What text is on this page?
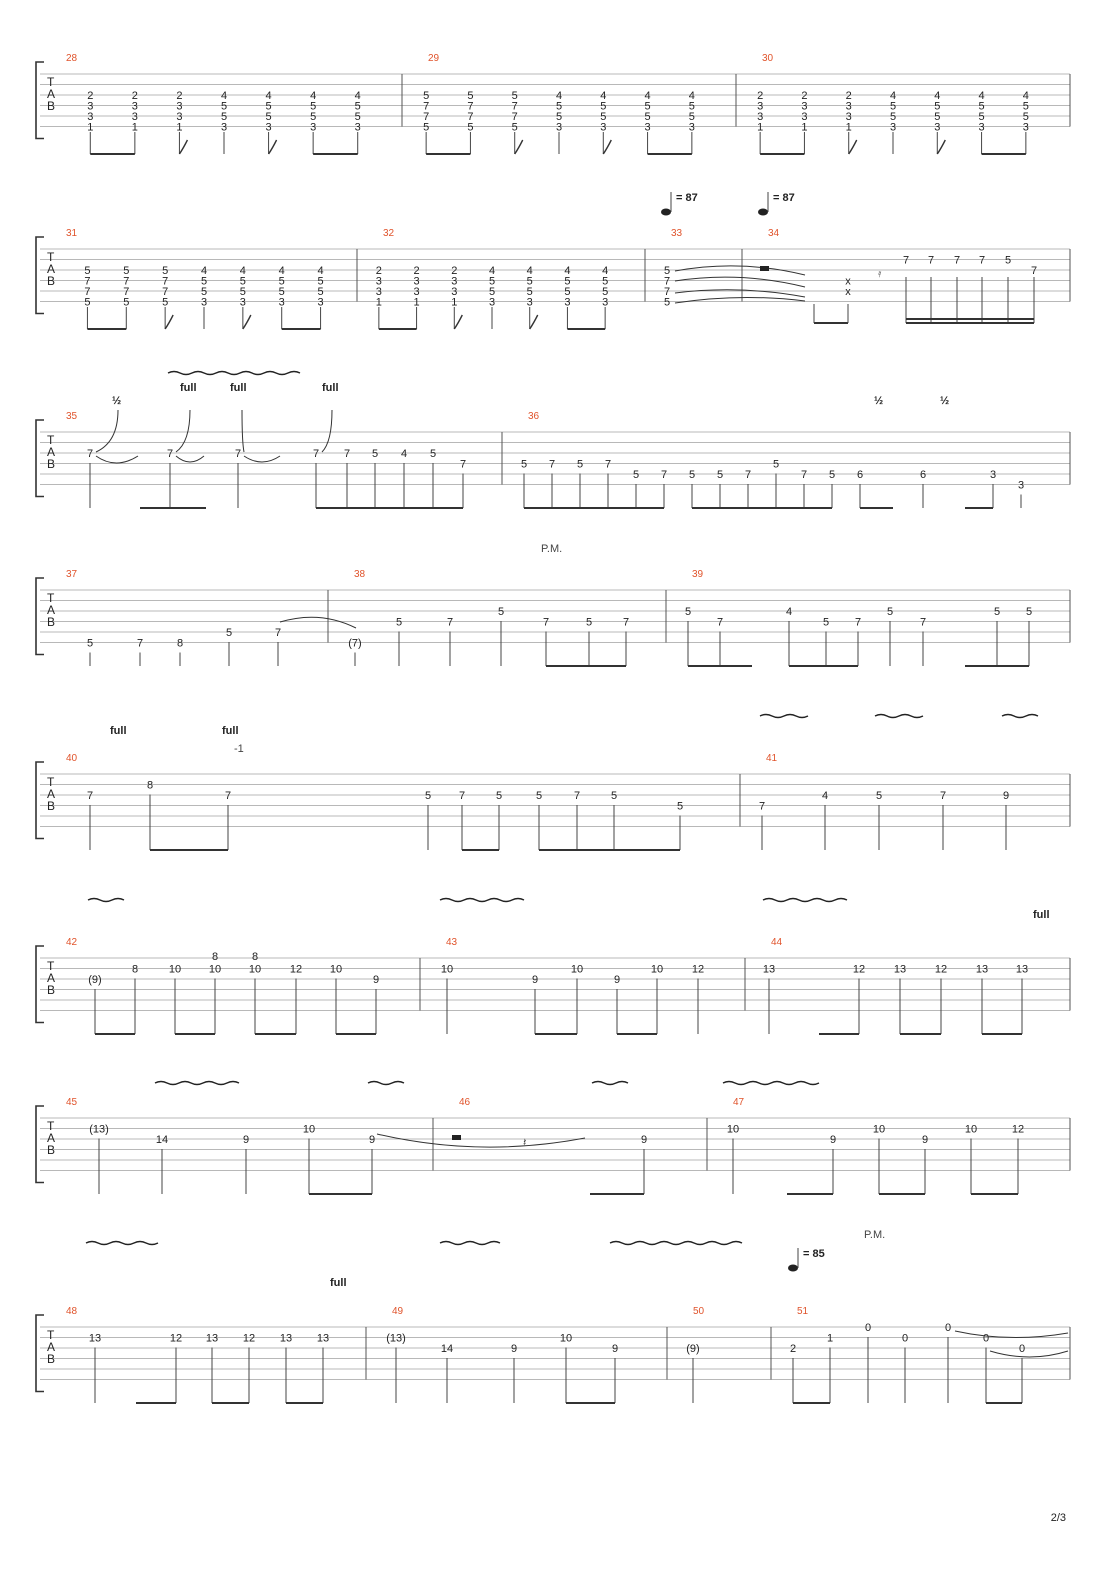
T
A
B
28	29	30
T
A
B
31	32	33	34
T
A
B
35	36
T
A
B
37	38	39
T
A
B
40	41
T
A
B
42	43	44
T
A
B
45	46	47
T
A
B
48	49	50	51
2
3
3
1
2
3
3
1
2
3
3
1
4
5
5
3
4
5
5
3
4
5
5
3
4
5
5
3
5
7
7
5
5
7
7
5
5
7
7
5
4
5
5
3
4
5
5
3
4
5
5
3
4
5
5
3
2
3
3
1
2
3
3
1
2
3
3
1
4
5
5
3
4
5
5
3
4
5
5
3
4
5
5
3
5
7
7
5
5
7
7
5
5
7
7
5
4
5
5
3
4
5
5
3
4
5
5
3
4
5
5
3
2
3
3
1
2
3
3
1
2
3
3
1
4
5
5
3
4
5
5
3
4
5
5
3
4
5
5
3
5
7
7
5
= 87	= 87
x
x
𝄿
7 7 7 7 5
7
7	7	7	7 7 5 4 5
7
½
full	full	full
5 7 5 7
5 7 5 5 7
5
7 5 6	6	3
3
½	½
5	7	8
5	7
(7)
5	7
5
7	5	7
5
7
4
5 7
5
7
5 5
P.M.
7
8
7	5	7	5	5	7	5
5	7
4	5	7	9
full	full
-1
(9)
8	10	10	10	12	10
9
8	8
10
9
10
9
10	12	13	12	13	12	13	13
full
(13)
14	9
10
9	9
10
9
10
9
10	12
𝄽
13	12 13 12 13 13	(13)
14	9
10
9	(9)	2
1
0
0
0
0
0
full
P.M.
= 85
2/3
